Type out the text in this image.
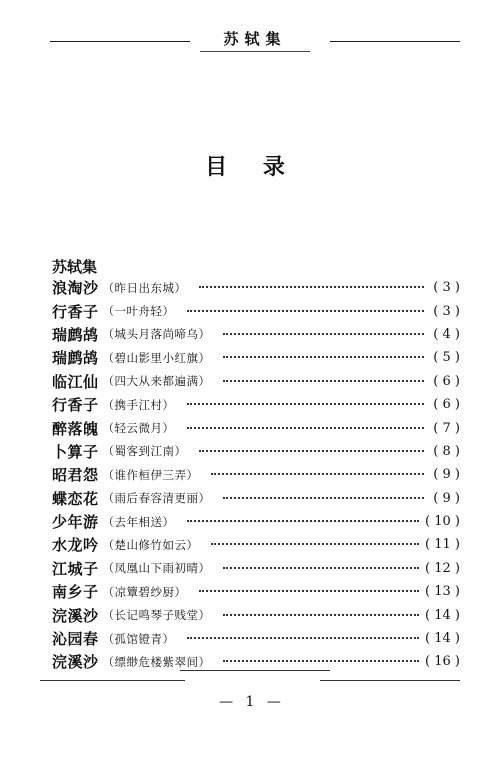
苏轼集
目 录
苏轼集
浪淘沙	（ 昨日出东城 ）	( 3 )
行香子	（ 一叶舟轻 ）	( 3 )
瑞鹧鸪	（ 城头月落尚啼乌 ）	( 4 )
瑞鹧鸪	（ 碧山影里小红旗 ）	( 5 )
临江仙	（ 四大从来都遍满 ）	( 6 )
行香子	（ 携手江村 ）	( 6 )
醉落魄	（ 轻云微月 ）	( 7 )
卜算子	（ 蜀客到江南 ）	( 8 )
昭君怨	（ 谁作桓伊三弄 ）	( 9 )
蝶恋花	（ 雨后春容清更丽 ）	( 9 )
少年游	（ 去年相送 ）	( 10 )
水龙吟	（ 楚山修竹如云 ）	( 11 )
江城子	（ 凤凰山下雨初晴 ）	( 12 )
南乡子	（ 凉簟碧纱厨 ）	( 13 )
浣溪沙	（ 长记鸣琴子贱堂 ）	( 14 )
沁园春	（ 孤馆镫青 ）	( 14 )
浣溪沙	（ 缥缈危楼紫翠间 ）	( 16 )
— 1 —
